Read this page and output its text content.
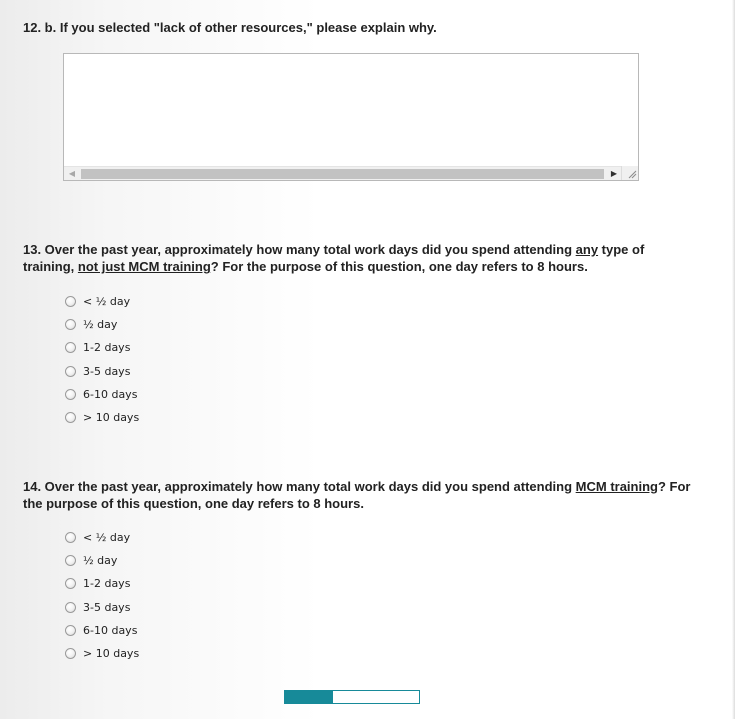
12. b. If you selected "lack of other resources," please explain why.
◀	▶
13. Over the past year, approximately how many total work days did you spend attending any type of training, not just MCM training? For the purpose of this question, one day refers to 8 hours.
< ½ day
½ day
1-2 days
3-5 days
6-10 days
> 10 days
14. Over the past year, approximately how many total work days did you spend attending MCM training? For the purpose of this question, one day refers to 8 hours.
< ½ day
½ day
1-2 days
3-5 days
6-10 days
> 10 days
